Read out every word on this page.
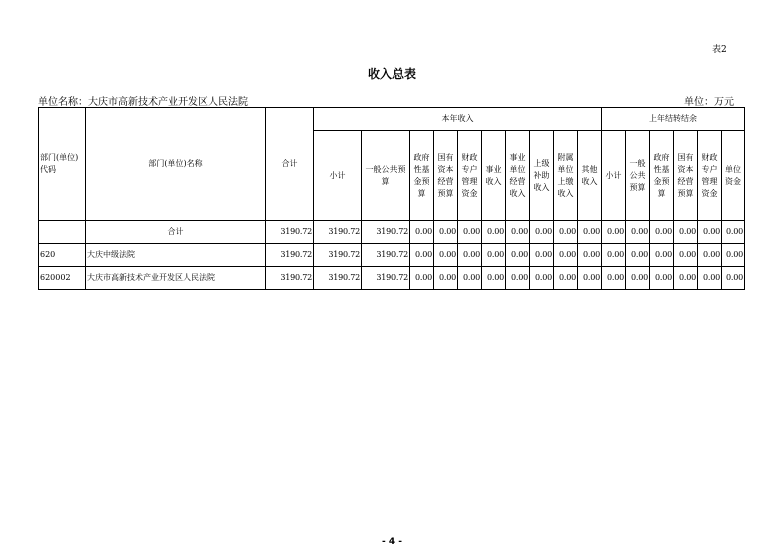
表2
收入总表
单位名称：大庆市高新技术产业开发区人民法院	单位：万元
部门(单位)代码	部门(单位)名称	合计	本年收入										上年结转结余						
			小计	一般公共预算	政府性基金预算	国有资本经营预算	财政专户管理资金	事业收入	事业单位经营收入	上级补助收入	附属单位上缴收入	其他收入	小计	一般公共预算	政府性基金预算	国有资本经营预算	财政专户管理资金	单位资金	
	合计	3190.72	3190.72	3190.72	0.00	0.00	0.00	0.00	0.00	0.00	0.00	0.00	0.00	0.00	0.00	0.00	0.00	0.00	
620	大庆中级法院	3190.72	3190.72	3190.72	0.00	0.00	0.00	0.00	0.00	0.00	0.00	0.00	0.00	0.00	0.00	0.00	0.00	0.00	
620002	大庆市高新技术产业开发区人民法院	3190.72	3190.72	3190.72	0.00	0.00	0.00	0.00	0.00	0.00	0.00	0.00	0.00	0.00	0.00	0.00	0.00	0.00	
- 4 -
